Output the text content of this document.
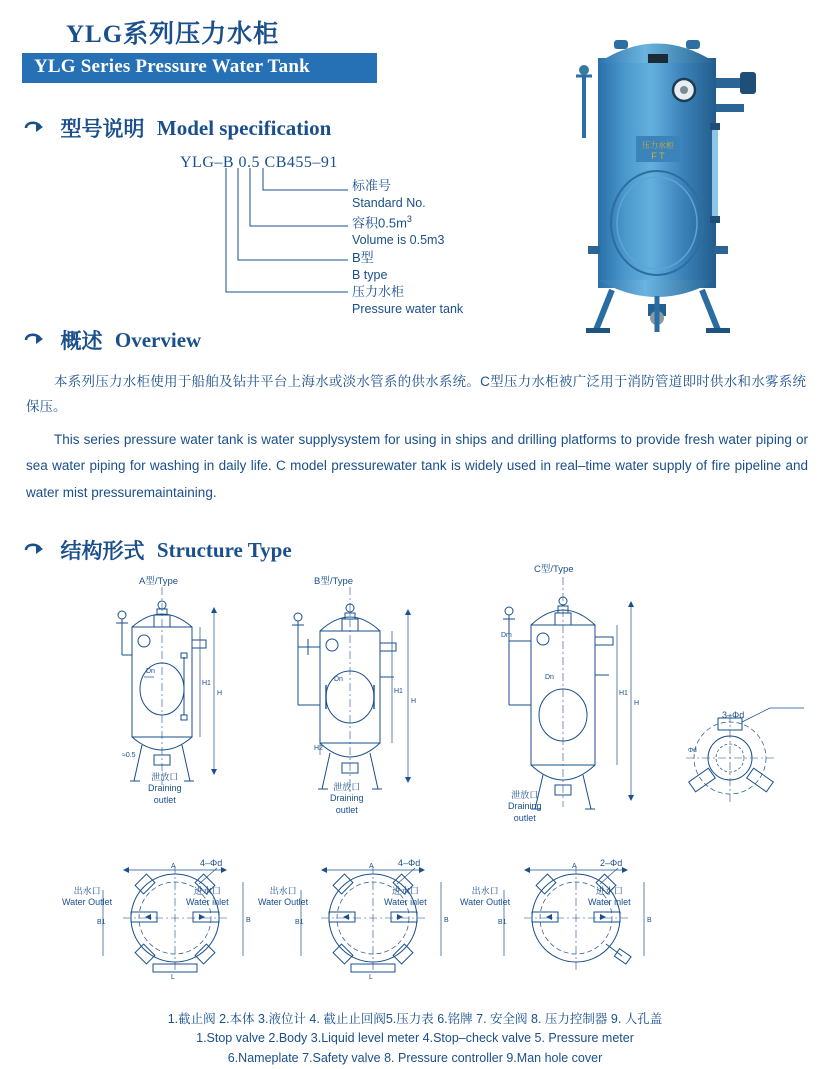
YLG系列压力水柜
YLG Series Pressure Water Tank
压力水柜
F T
型号说明 Model specification
YLG–B 0.5 CB455–91
标准号
Standard No.
容积$0.5m^3$
Volume is 0.5m3
B型
B type
压力水柜
Pressure water tank
概述 Overview
本系列压力水柜使用于船舶及钻井平台上海水或淡水管系的供水系统。C型压力水柜被广泛用于消防管道即时供水和水雾系统保压。
This series pressure water tank is water supplysystem for using in ships and drilling platforms to provide fresh water piping or sea water piping for washing in daily life. C model pressurewater tank is widely used in real–time water supply of fire pipeline and water mist pressuremaintaining.
结构形式 Structure Type
A型/Type	B型/Type
C型/Type
H
H1
Dn
≈0.5
泄放口
Draining
outlet
H
H1
Dn
H2
泄放口
Draining
outlet
H
H1
Dn
Dm
泄放口
Draining
outlet
Φd
3–Φd
A
B
B1
L
4–Φd
出水口
Water Outlet
进水口
Water inlet
A
B
B1
L
4–Φd
出水口
Water Outlet
进水口
Water inlet
A
B
B1
2–Φd
出水口
Water Outlet
进水口
Water inlet
1.截止阀 2.本体 3.液位计 4. 截止止回阀5.压力表 6.铭牌 7. 安全阀 8. 压力控制器 9. 人孔盖
1.Stop valve 2.Body 3.Liquid level meter 4.Stop–check valve 5. Pressure meter
6.Nameplate 7.Safety valve 8. Pressure controller 9.Man hole cover
